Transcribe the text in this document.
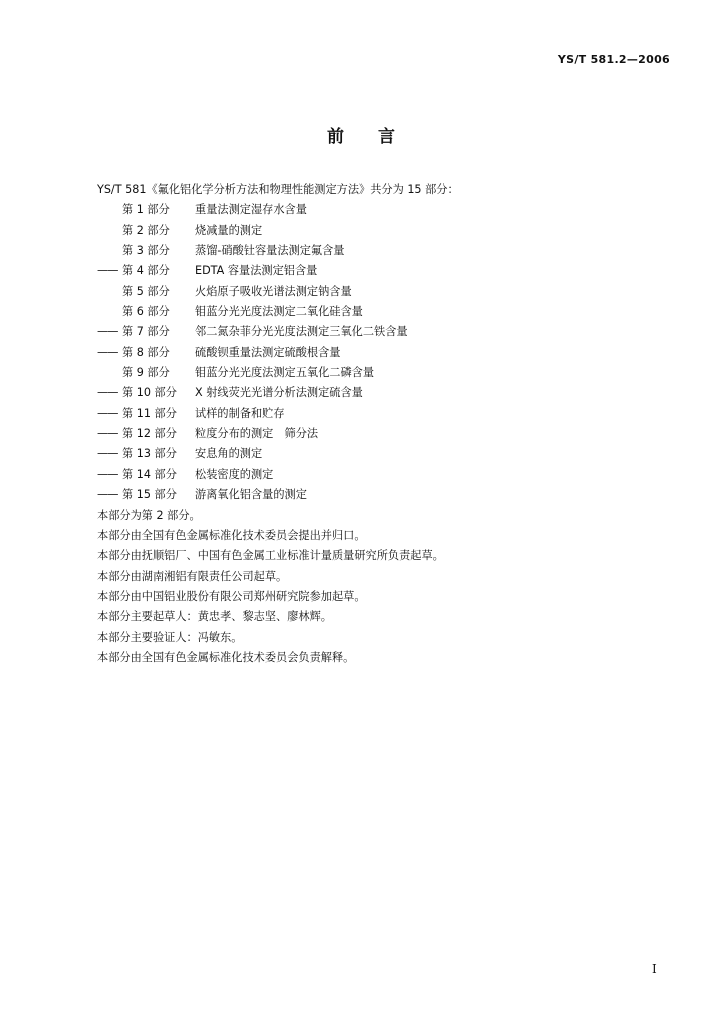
YS/T 581.2—2006
前言
YS/T 581《氟化铝化学分析方法和物理性能测定方法》共分为 15 部分：
第 1 部分	重量法测定湿存水含量
第 2 部分	烧减量的测定
第 3 部分	蒸馏-硝酸钍容量法测定氟含量
—— 第 4 部分	EDTA 容量法测定铝含量
第 5 部分	火焰原子吸收光谱法测定钠含量
第 6 部分	钼蓝分光光度法测定二氧化硅含量
—— 第 7 部分	邻二氮杂菲分光光度法测定三氧化二铁含量
—— 第 8 部分	硫酸钡重量法测定硫酸根含量
第 9 部分	钼蓝分光光度法测定五氧化二磷含量
—— 第 10 部分	X 射线荧光光谱分析法测定硫含量
—— 第 11 部分	试样的制备和贮存
—— 第 12 部分	粒度分布的测定　筛分法
—— 第 13 部分	安息角的测定
—— 第 14 部分	松装密度的测定
—— 第 15 部分	游离氧化铝含量的测定
本部分为第 2 部分。
本部分由全国有色金属标准化技术委员会提出并归口。
本部分由抚顺铝厂、中国有色金属工业标准计量质量研究所负责起草。
本部分由湖南湘铝有限责任公司起草。
本部分由中国铝业股份有限公司郑州研究院参加起草。
本部分主要起草人：黄忠孝、黎志坚、廖林辉。
本部分主要验证人：冯敏东。
本部分由全国有色金属标准化技术委员会负责解释。
I
